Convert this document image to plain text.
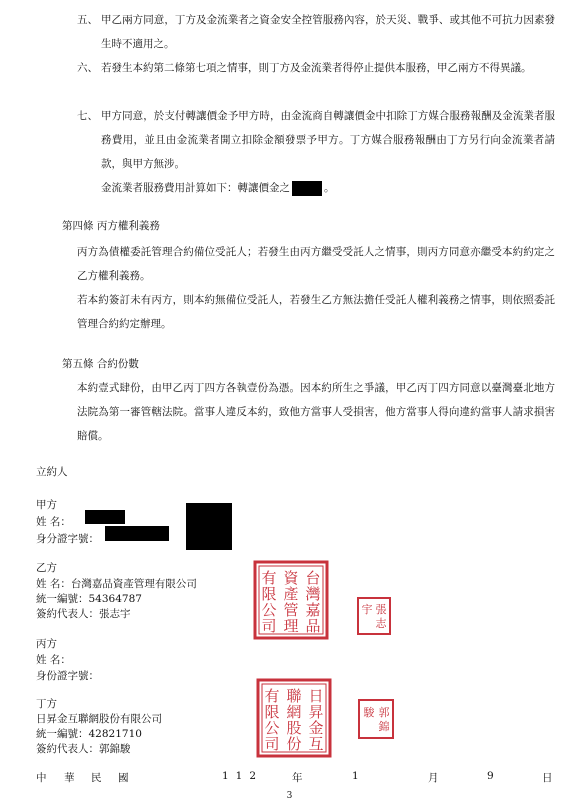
五、 甲乙兩方同意，丁方及金流業者之資金安全控管服務內容，於天災、戰爭、或其他不可抗力因素發生時不適用之。
六、 若發生本約第二條第七項之情事，則丁方及金流業者得停止提供本服務，甲乙兩方不得異議。
七、 甲方同意，於支付轉讓價金予甲方時，由金流商自轉讓價金中扣除丁方媒合服務報酬及金流業者服務費用，並且由金流業者開立扣除金額發票予甲方。丁方媒合服務報酬由丁方另行向金流業者請款，與甲方無涉。
金流業者服務費用計算如下：轉讓價金之	。
第四條 丙方權利義務
丙方為債權委託管理合約備位受託人；若發生由丙方繼受受託人之情事，則丙方同意亦繼受本約約定之乙方權利義務。
若本約簽訂未有丙方，則本約無備位受託人，若發生乙方無法擔任受託人權利義務之情事，則依照委託管理合約約定辦理。
第五條 合約份數
本約壹式肆份，由甲乙丙丁四方各執壹份為憑。因本約所生之爭議，甲乙丙丁四方同意以臺灣臺北地方法院為第一審管轄法院。當事人違反本約，致他方當事人受損害，他方當事人得向違約當事人請求損害賠償。
立約人
甲方
姓 名：
身分證字號：
乙方
姓 名：台灣嘉品資產管理有限公司
統一編號：54364787
簽約代表人：張志宇
丙方
姓 名：
身份證字號：
丁方
日昇金互聯網股份有限公司
統一編號：42821710
簽約代表人：郭錦駿
台
灣
嘉
品
資
產
管
理
有
限
公
司
張
志
宇
日
昇
金
互
聯
網
股
份
有
限
公
司
郭
錦
駿
中 華 民 國	112	年	1	月	9	日
3
